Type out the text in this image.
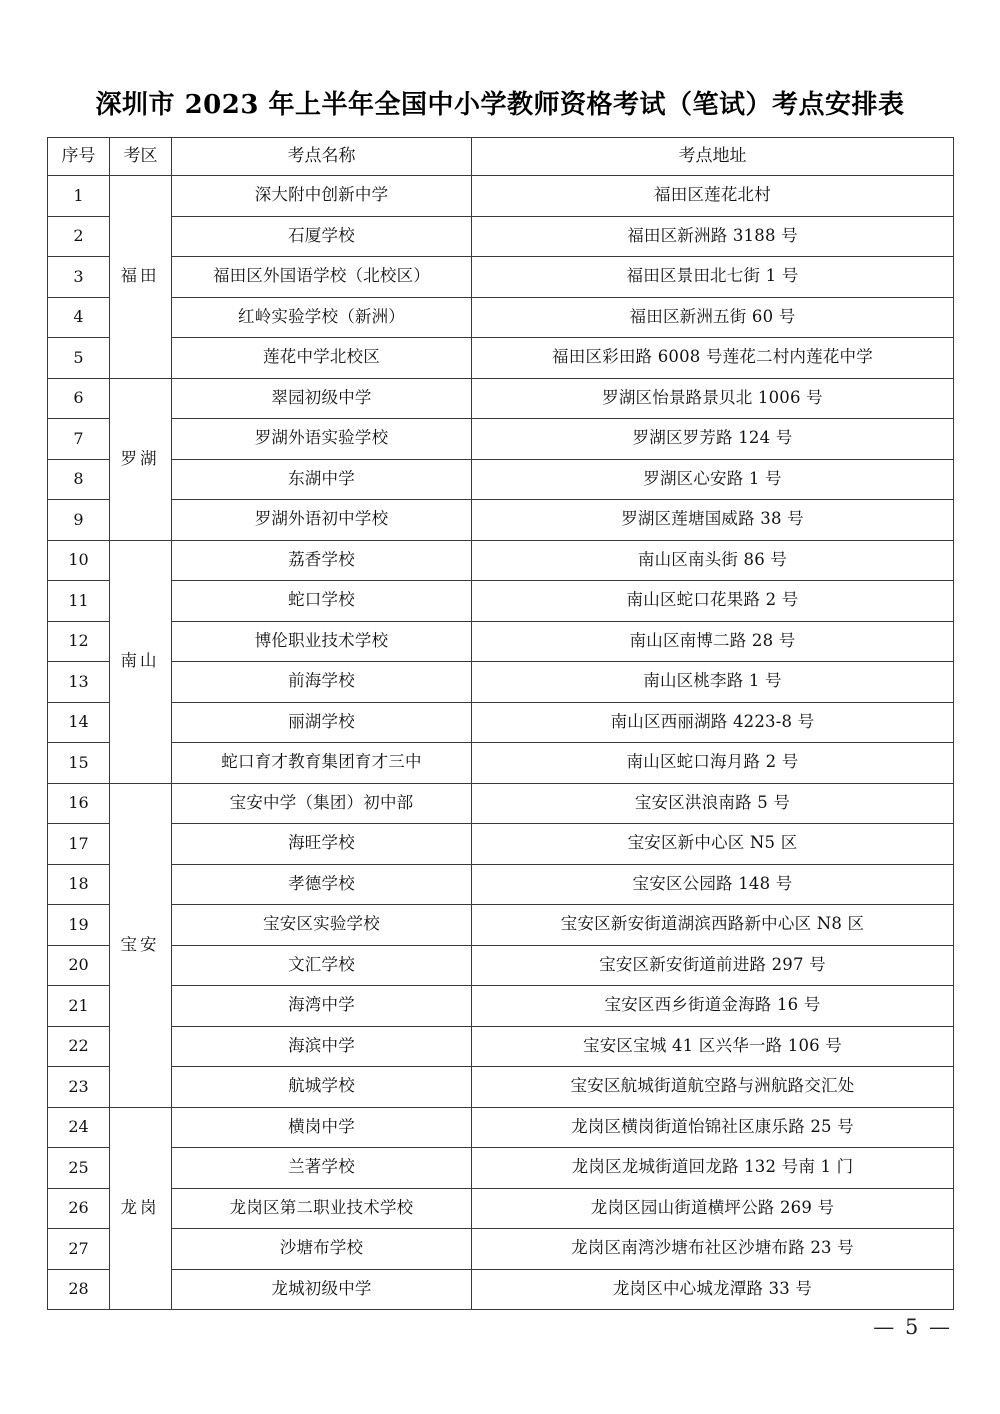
深圳市 2023 年上半年全国中小学教师资格考试（笔试）考点安排表
序号	考区	考点名称	考点地址
1	福田	深大附中创新中学	福田区莲花北村
2		石厦学校	福田区新洲路 3188 号
3		福田区外国语学校（北校区）	福田区景田北七街 1 号
4		红岭实验学校（新洲）	福田区新洲五街 60 号
5		莲花中学北校区	福田区彩田路 6008 号莲花二村内莲花中学
6	罗湖	翠园初级中学	罗湖区怡景路景贝北 1006 号
7		罗湖外语实验学校	罗湖区罗芳路 124 号
8		东湖中学	罗湖区心安路 1 号
9		罗湖外语初中学校	罗湖区莲塘国威路 38 号
10	南山	荔香学校	南山区南头街 86 号
11		蛇口学校	南山区蛇口花果路 2 号
12		博伦职业技术学校	南山区南博二路 28 号
13		前海学校	南山区桃李路 1 号
14		丽湖学校	南山区西丽湖路 4223-8 号
15		蛇口育才教育集团育才三中	南山区蛇口海月路 2 号
16	宝安	宝安中学（集团）初中部	宝安区洪浪南路 5 号
17		海旺学校	宝安区新中心区 N5 区
18		孝德学校	宝安区公园路 148 号
19		宝安区实验学校	宝安区新安街道湖滨西路新中心区 N8 区
20		文汇学校	宝安区新安街道前进路 297 号
21		海湾中学	宝安区西乡街道金海路 16 号
22		海滨中学	宝安区宝城 41 区兴华一路 106 号
23		航城学校	宝安区航城街道航空路与洲航路交汇处
24	龙岗	横岗中学	龙岗区横岗街道怡锦社区康乐路 25 号
25		兰著学校	龙岗区龙城街道回龙路 132 号南 1 门
26		龙岗区第二职业技术学校	龙岗区园山街道横坪公路 269 号
27		沙塘布学校	龙岗区南湾沙塘布社区沙塘布路 23 号
28		龙城初级中学	龙岗区中心城龙潭路 33 号
— 5 —
